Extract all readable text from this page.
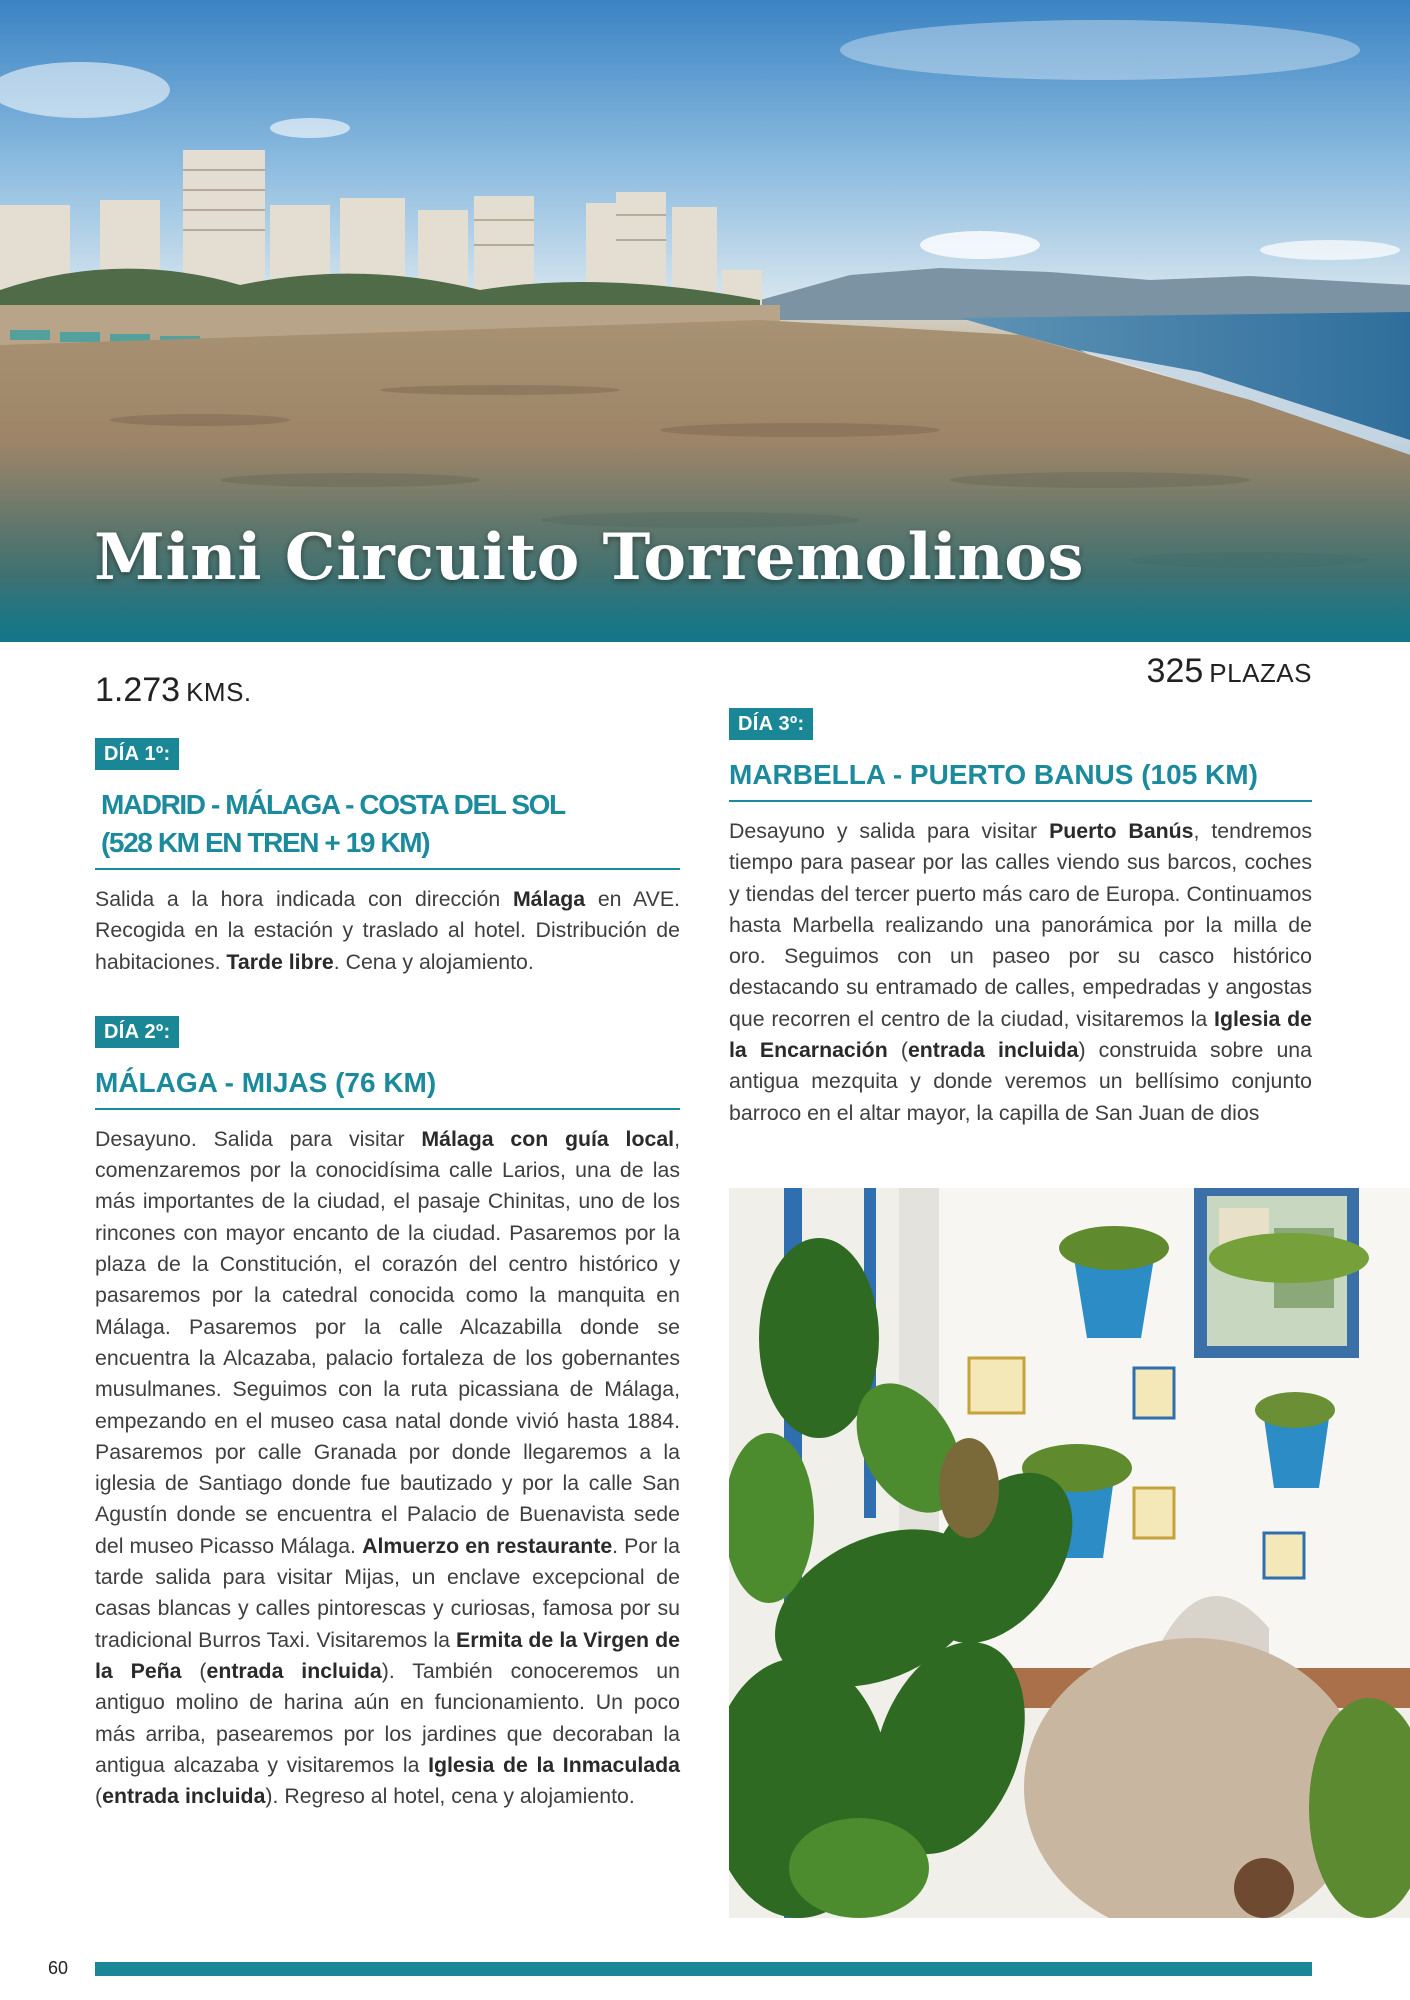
Mini Circuito Torremolinos
1.273 KMS.
325 PLAZAS
DÍA 1º:
MADRID - MÁLAGA - COSTA DEL SOL
(528 KM EN TREN + 19 KM)

Salida a la hora indicada con dirección Málaga en AVE. Recogida en la estación y traslado al hotel. Distribución de habitaciones. Tarde libre. Cena y alojamiento.

DÍA 2º:
MÁLAGA - MIJAS (76 KM)

Desayuno. Salida para visitar Málaga con guía local, comenzaremos por la conocidísima calle Larios, una de las más importantes de la ciudad, el pasaje Chinitas, uno de los rincones con mayor encanto de la ciudad. Pasaremos por la plaza de la Constitución, el corazón del centro histórico y pasaremos por la catedral conocida como la manquita en Málaga. Pasaremos por la calle Alcazabilla donde se encuentra la Alcazaba, palacio fortaleza de los gobernantes musulmanes. Seguimos con la ruta picassiana de Málaga, empezando en el museo casa natal donde vivió hasta 1884. Pasaremos por calle Granada por donde llegaremos a la iglesia de Santiago donde fue bautizado y por la calle San Agustín donde se encuentra el Palacio de Buenavista sede del museo Picasso Málaga. Almuerzo en restaurante. Por la tarde salida para visitar Mijas, un enclave excepcional de casas blancas y calles pintorescas y curiosas, famosa por su tradicional Burros Taxi. Visitaremos la Ermita de la Virgen de la Peña (entrada incluida). También conoceremos un antiguo molino de harina aún en funcionamiento. Un poco más arriba, pasearemos por los jardines que decoraban la antigua alcazaba y visitaremos la Iglesia de la Inmaculada (entrada incluida). Regreso al hotel, cena y alojamiento.

DÍA 3º:
MARBELLA - PUERTO BANUS (105 KM)

Desayuno y salida para visitar Puerto Banús, tendremos tiempo para pasear por las calles viendo sus barcos, coches y tiendas del tercer puerto más caro de Europa. Continuamos hasta Marbella realizando una panorámica por la milla de oro. Seguimos con un paseo por su casco histórico destacando su entramado de calles, empedradas y angostas que recorren el centro de la ciudad, visitaremos la Iglesia de la Encarnación (entrada incluida) construida sobre una antigua mezquita y donde veremos un bellísimo conjunto barroco en el altar mayor, la capilla de San Juan de dios

60
